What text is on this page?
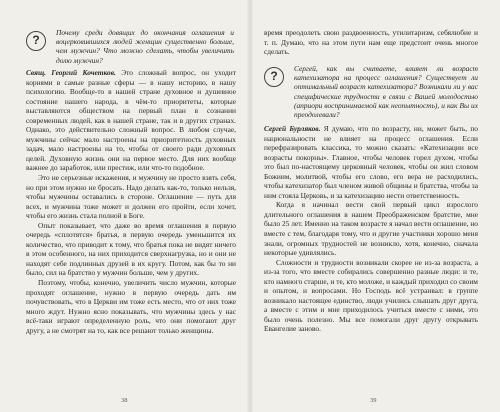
?
Почему среди довящих до окончания оглашения и воцерковившихся людей женщин существенно больше, чем мужчин? Что можно сделать, чтобы увеличить долю мужчин?

Свящ. Георгий Кочетков. Это сложный вопрос, он уходит корнями в самые разные сферы — в нашу историю, в нашу психологию. Вообще-то в нашей стране духовное и душевное состояние нашего народа, в чём-то приоритеты, которые выставляются обществом на первый план в сознании современных людей, как в нашей стране, так и в других странах. Однако, это действительно сложный вопрос. В любом случае, мужчины сейчас мало настроены на приоритетность духовных задач, мало настроены на то, чтобы от своего ради духовных целей. Духовную жизнь они на первое место. Для них вообще важнее до заработок, или престиж, или что-то подобное.

Это не серьезные искажения, и мужчину не просто взять себя, но при этом нужно не бросать. Надо делать как-то, только нельзя, чтобы мужчины оставались в стороне. Оглашение — путь для всех, и мужчина тоже может и должен его пройти, если хочет, чтобы его жизнь стала полной в Боге.

Опыт показывает, что даже во время оглашения в первую очередь «сплотятся» братья, в первую очередь уменьшится их количество, что приводит к тому, что братья пока не видят ничего в этом особенного, на них приходится сверхнагрузка, но и они не находят себе подлинных друзей в их кругу. Потом, как бы то ни было, сил на братство у мужчин больше, чем у других.

Поэтому, чтобы, конечно, увеличить число мужчин, которые проходят оглашение, нужно в первую очередь дать им почувствовать, что в Церкви им тоже есть место, что от них тоже много ждут. Нужно ясно показывать, что мужчины здесь у нас всё-таки играют определенную роль, что они помогают друг другу, а не смотрят на то, как все решают только женщины.

38

время преодолеть свою раздвоенность, утилитаризм, себялюбие и т. п. Думаю, что на этом пути нам еще предстоит очень многое сделать.

?
Сергей, как вы считаете, влияет ли возраст катехизатора на процесс оглашения? Существует ли оптимальный возраст катехизатора? Возникали ли у вас специфические трудности в связи с Вашей молодостью (априори воспринимаемой как неопытность), и как Вы их преодолевали?

Сергей Бурляков. Я думаю, что по возрасту, ни, может быть, по национальности не влияет на процесс оглашения. Если перефразировать классика, то можно сказать: «Катехизации все возрасты покорны». Главное, чтобы человек горел духом, чтобы это был по-настоящему церковный человек, чтобы он жил словом Божиим, молитвой, чтобы его слово, его вера не расходились, чтобы катехизатор был членом живой общины и братства, чтобы за ним стояла Церковь, и за катехизацию нести ответственность.

Когда я начинал вести свой первый цикл взрослого длительного оглашения в нашем Преображенском братстве, мне было 25 лет. Именно на таком возрасте я начал вести оглашение, но вместе с тем, благодаря тому, что и другие участники хорошо меня знали, огромных трудностей не возникло, хотя, конечно, сначала некоторые удивлялись.

Сложности и трудности возникали скорее не из-за возраста, а из-за того, что вместе собирались совершенно разные люди: и те, кто намного старше, и те, кто моложе, и каждый приходил со своим и опытом, и вопросами. Но Господь всё устраивал: в группе возникало настоящее единство, люди учились слышать друг друга, а вместе с этим и мне приходилось учиться вместе с ними, это было очень полезно. Мы все помогали друг другу открывать Евангелие заново.

39
